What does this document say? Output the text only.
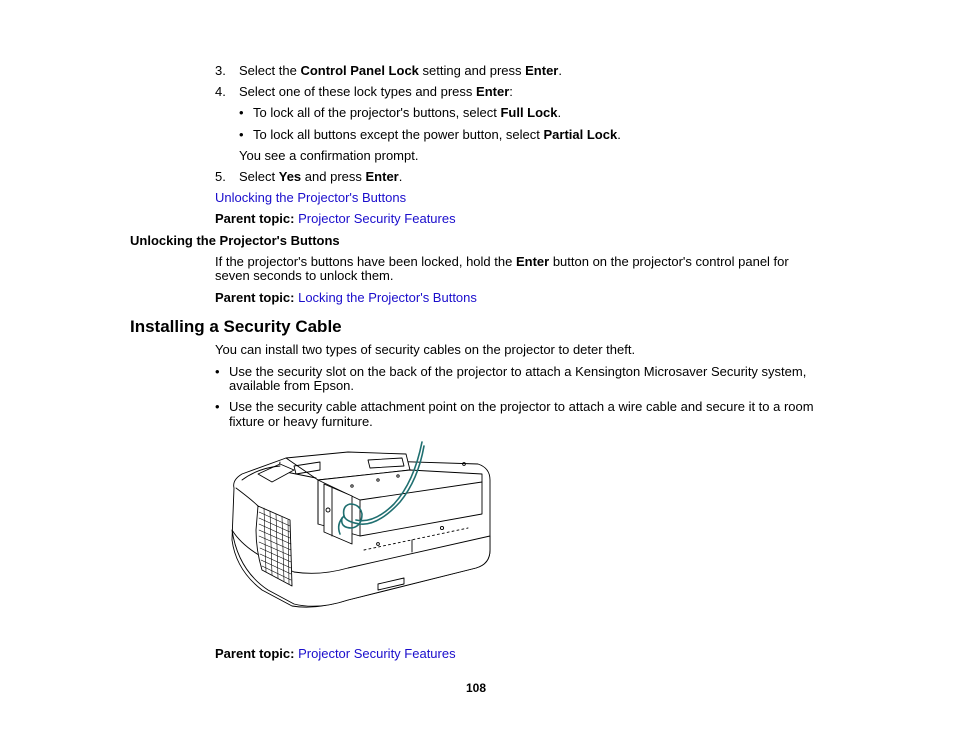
3. Select the Control Panel Lock setting and press Enter.
4. Select one of these lock types and press Enter:
• To lock all of the projector's buttons, select Full Lock.
• To lock all buttons except the power button, select Partial Lock.
You see a confirmation prompt.
5. Select Yes and press Enter.
Unlocking the Projector's Buttons
Parent topic: Projector Security Features
Unlocking the Projector's Buttons
If the projector's buttons have been locked, hold the Enter button on the projector's control panel for
seven seconds to unlock them.
Parent topic: Locking the Projector's Buttons
Installing a Security Cable
You can install two types of security cables on the projector to deter theft.
• Use the security slot on the back of the projector to attach a Kensington Microsaver Security system,
available from Epson.
• Use the security cable attachment point on the projector to attach a wire cable and secure it to a room
fixture or heavy furniture.
Parent topic: Projector Security Features
108
